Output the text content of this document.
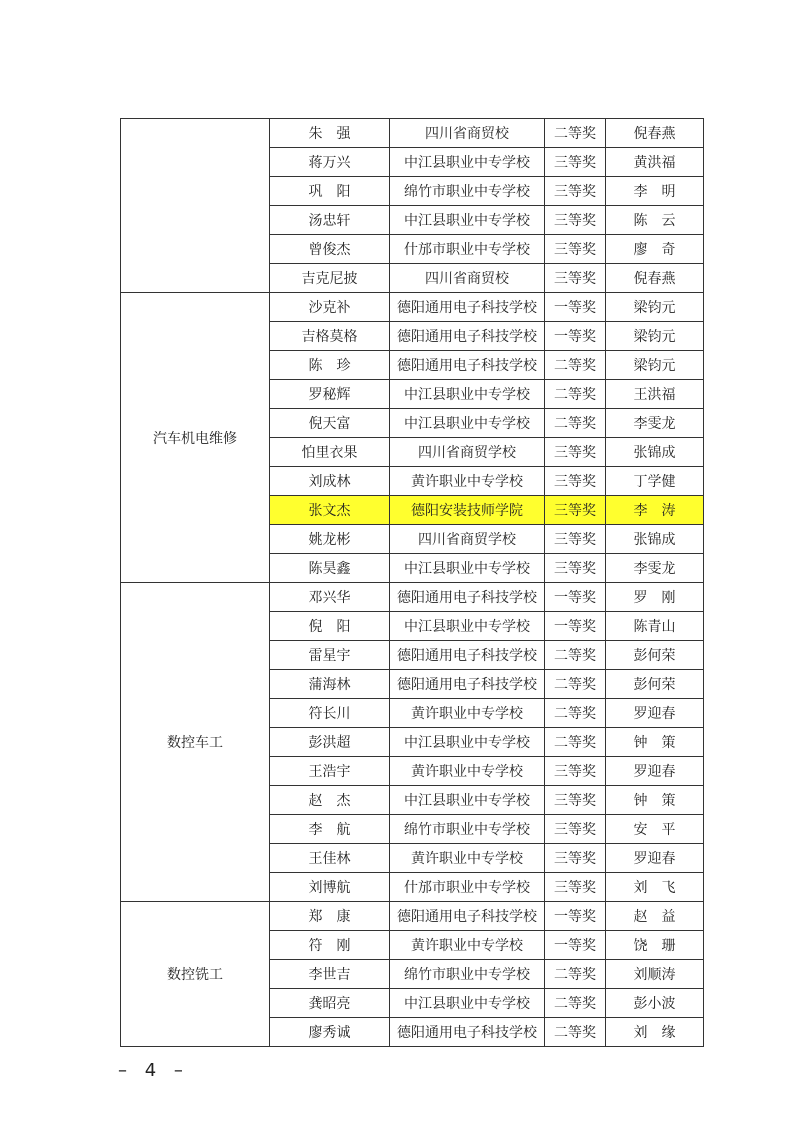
	朱　强	四川省商贸校	二等奖	倪春燕
	蒋万兴	中江县职业中专学校	三等奖	黄洪福
	巩　阳	绵竹市职业中专学校	三等奖	李　明
	汤忠轩	中江县职业中专学校	三等奖	陈　云
	曾俊杰	什邡市职业中专学校	三等奖	廖　奇
	吉克尼披	四川省商贸校	三等奖	倪春燕
汽车机电维修	沙克补	德阳通用电子科技学校	一等奖	梁钧元
	吉格莫格	德阳通用电子科技学校	一等奖	梁钧元
	陈　珍	德阳通用电子科技学校	二等奖	梁钧元
	罗秘辉	中江县职业中专学校	二等奖	王洪福
	倪天富	中江县职业中专学校	二等奖	李雯龙
	怕里衣果	四川省商贸学校	三等奖	张锦成
	刘成林	黄许职业中专学校	三等奖	丁学健
	张文杰	德阳安装技师学院	三等奖	李　涛
	姚龙彬	四川省商贸学校	三等奖	张锦成
	陈昊鑫	中江县职业中专学校	三等奖	李雯龙
数控车工	邓兴华	德阳通用电子科技学校	一等奖	罗　刚
	倪　阳	中江县职业中专学校	一等奖	陈青山
	雷星宇	德阳通用电子科技学校	二等奖	彭何荣
	蒲海林	德阳通用电子科技学校	二等奖	彭何荣
	符长川	黄许职业中专学校	二等奖	罗迎春
	彭洪超	中江县职业中专学校	二等奖	钟　策
	王浩宇	黄许职业中专学校	三等奖	罗迎春
	赵　杰	中江县职业中专学校	三等奖	钟　策
	李　航	绵竹市职业中专学校	三等奖	安　平
	王佳林	黄许职业中专学校	三等奖	罗迎春
	刘博航	什邡市职业中专学校	三等奖	刘　飞
数控铣工	郑　康	德阳通用电子科技学校	一等奖	赵　益
	符　刚	黄许职业中专学校	一等奖	饶　珊
	李世吉	绵竹市职业中专学校	二等奖	刘顺涛
	龚昭亮	中江县职业中专学校	二等奖	彭小波
	廖秀诚	德阳通用电子科技学校	二等奖	刘　缘
– 4 –
